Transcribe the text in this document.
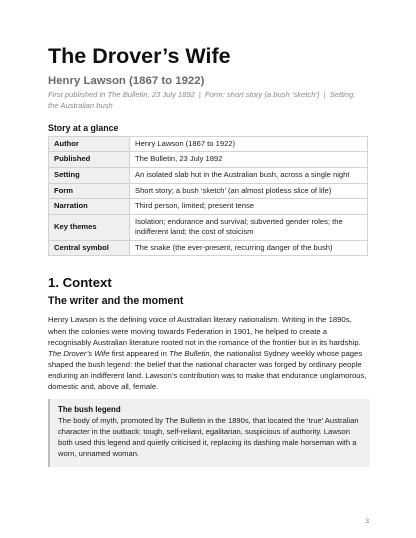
The Drover’s Wife
Henry Lawson (1867 to 1922)
First published in The Bulletin, 23 July 1892 | Form: short story (a bush ‘sketch’) | Setting: the Australian bush
Story at a glance
Author	Henry Lawson (1867 to 1922)
Published	The Bulletin, 23 July 1892
Setting	An isolated slab hut in the Australian bush, across a single night
Form	Short story; a bush ‘sketch’ (an almost plotless slice of life)
Narration	Third person, limited; present tense
Key themes	Isolation; endurance and survival; subverted gender roles; the indifferent land; the cost of stoicism
Central symbol	The snake (the ever-present, recurring danger of the bush)
1. Context
The writer and the moment

Henry Lawson is the defining voice of Australian literary nationalism. Writing in the 1890s, when the colonies were moving towards Federation in 1901, he helped to create a recognisably Australian literature rooted not in the romance of the frontier but in its hardship. The Drover’s Wife first appeared in The Bulletin, the nationalist Sydney weekly whose pages shaped the bush legend: the belief that the national character was forged by ordinary people enduring an indifferent land. Lawson’s contribution was to make that endurance unglamorous, domestic and, above all, female.

The bush legend

The body of myth, promoted by The Bulletin in the 1890s, that located the ‘true’ Australian character in the outback: tough, self-reliant, egalitarian, suspicious of authority. Lawson both used this legend and quietly criticised it, replacing its dashing male horseman with a worn, unnamed woman.

3
